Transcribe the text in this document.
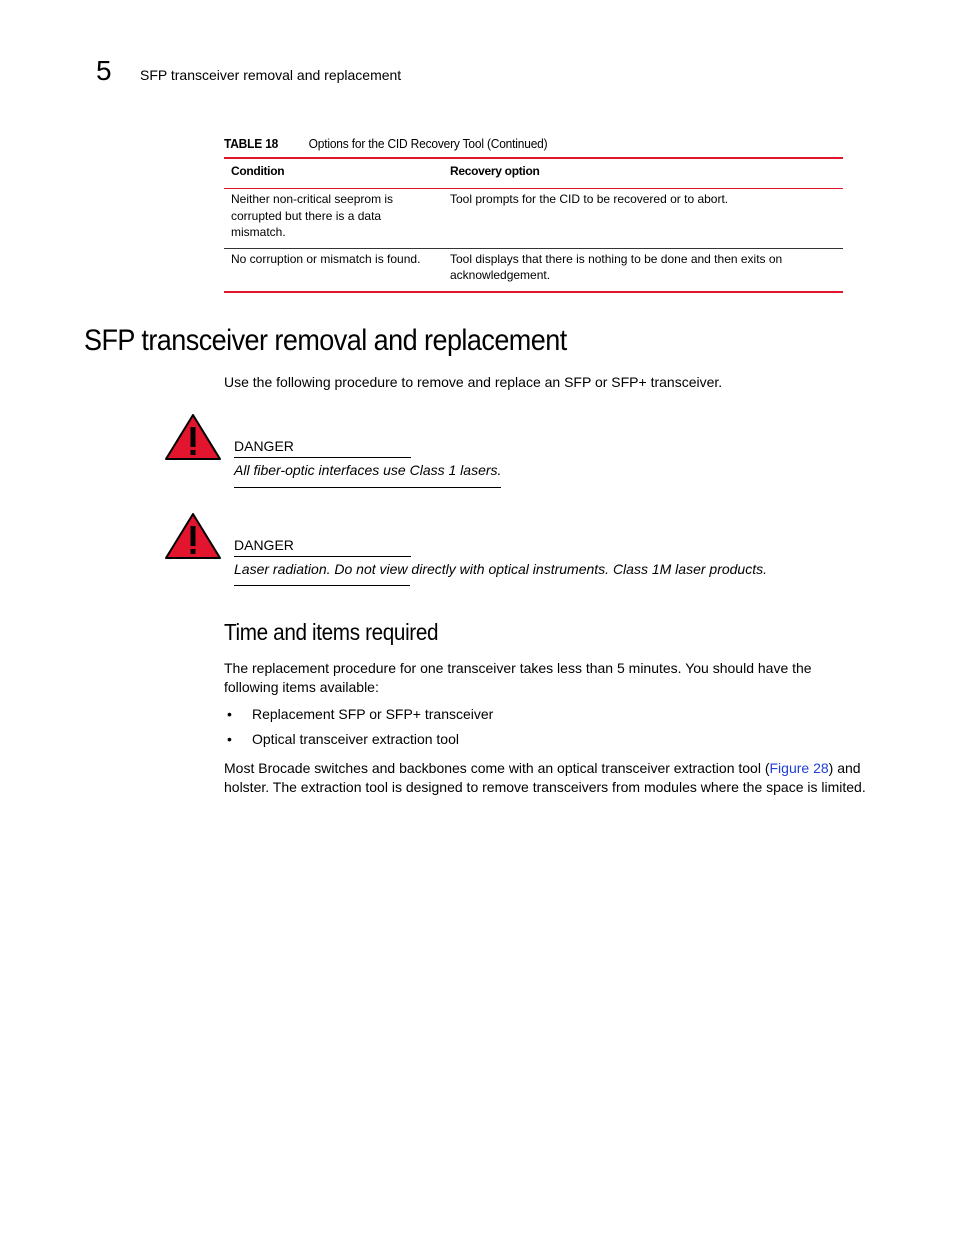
5 SFP transceiver removal and replacement
TABLE 18 Options for the CID Recovery Tool (Continued)
Condition	Recovery option
Neither non-critical seeprom is corrupted but there is a data mismatch.	Tool prompts for the CID to be recovered or to abort.
No corruption or mismatch is found.	Tool displays that there is nothing to be done and then exits on acknowledgement.
SFP transceiver removal and replacement
Use the following procedure to remove and replace an SFP or SFP+ transceiver.
DANGER
All fiber-optic interfaces use Class 1 lasers.
DANGER
Laser radiation. Do not view directly with optical instruments. Class 1M laser products.
Time and items required
The replacement procedure for one transceiver takes less than 5 minutes. You should have the following items available:
• Replacement SFP or SFP+ transceiver
• Optical transceiver extraction tool
Most Brocade switches and backbones come with an optical transceiver extraction tool (Figure 28) and holster. The extraction tool is designed to remove transceivers from modules where the space is limited.
